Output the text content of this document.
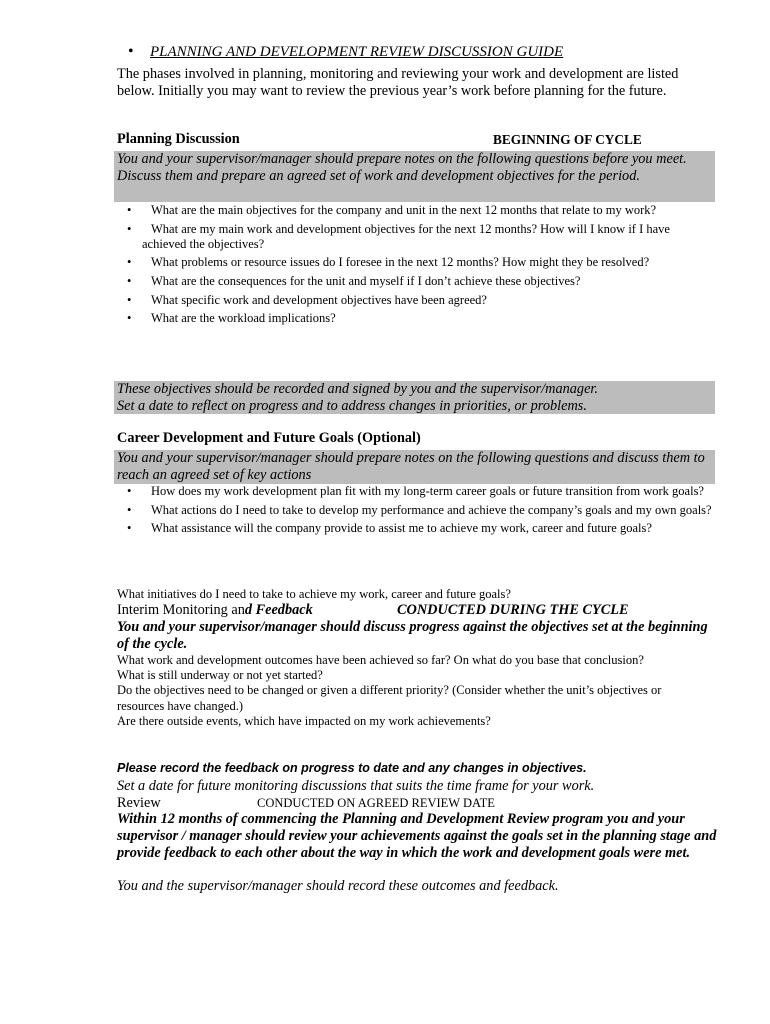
• PLANNING AND DEVELOPMENT REVIEW DISCUSSION GUIDE
The phases involved in planning, monitoring and reviewing your work and development are listed below. Initially you may want to review the previous year’s work before planning for the future.
Planning Discussion	BEGINNING OF CYCLE
You and your supervisor/manager should prepare notes on the following questions before you meet. Discuss them and prepare an agreed set of work and development objectives for the period.
•	What are the main objectives for the company and unit in the next 12 months that relate to my work?
•	What are my main work and development objectives for the next 12 months? How will I know if I have achieved the objectives?
•	What problems or resource issues do I foresee in the next 12 months? How might they be resolved?
•	What are the consequences for the unit and myself if I don’t achieve these objectives?
•	What specific work and development objectives have been agreed?
•	What are the workload implications?
These objectives should be recorded and signed by you and the supervisor/manager.
Set a date to reflect on progress and to address changes in priorities, or problems.
Career Development and Future Goals (Optional)
You and your supervisor/manager should prepare notes on the following questions and discuss them to reach an agreed set of key actions
•	How does my work development plan fit with my long-term career goals or future transition from work goals?
•	What actions do I need to take to develop my performance and achieve the company’s goals and my own goals?
•	What assistance will the company provide to assist me to achieve my work, career and future goals?
What initiatives do I need to take to achieve my work, career and future goals?
Interim Monitoring and Feedback	CONDUCTED DURING THE CYCLE
You and your supervisor/manager should discuss progress against the objectives set at the beginning of the cycle.
What work and development outcomes have been achieved so far? On what do you base that conclusion?
What is still underway or not yet started?
Do the objectives need to be changed or given a different priority? (Consider whether the unit’s objectives or resources have changed.)
Are there outside events, which have impacted on my work achievements?
Please record the feedback on progress to date and any changes in objectives.
Set a date for future monitoring discussions that suits the time frame for your work.
Review	CONDUCTED ON AGREED REVIEW DATE
Within 12 months of commencing the Planning and Development Review program you and your supervisor / manager should review your achievements against the goals set in the planning stage and provide feedback to each other about the way in which the work and development goals were met.
You and the supervisor/manager should record these outcomes and feedback.
